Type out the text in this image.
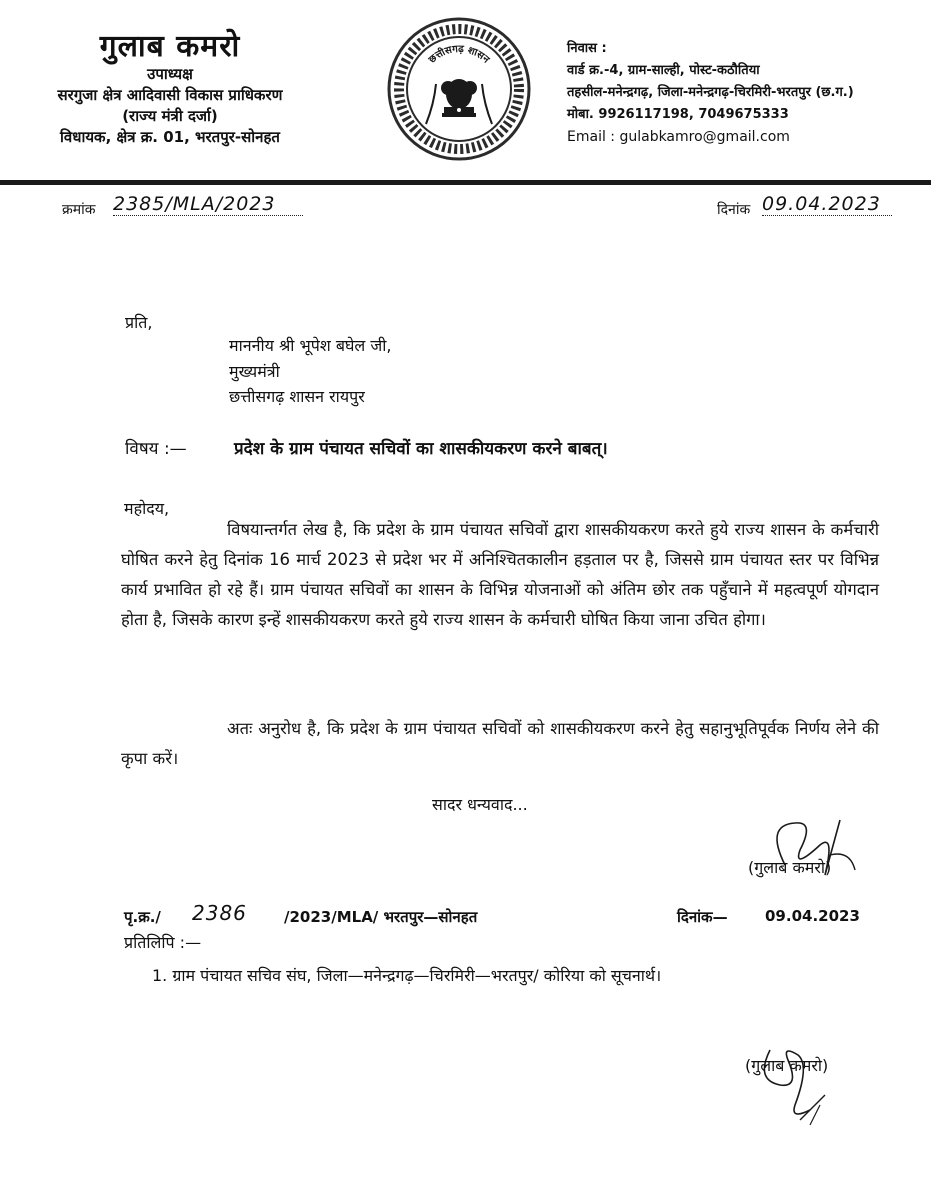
गुलाब कमरो
उपाध्यक्ष
सरगुजा क्षेत्र आदिवासी विकास प्राधिकरण
(राज्य मंत्री दर्जा)
विधायक, क्षेत्र क्र. 01, भरतपुर-सोनहत
छत्तीसगढ़ शासन
निवास :
वार्ड क्र.-4, ग्राम-साल्ही, पोस्ट-कठौतिया
तहसील-मनेन्द्रगढ़, जिला-मनेन्द्रगढ़-चिरमिरी-भरतपुर (छ.ग.)
मोबा. 9926117198, 7049675333
Email : gulabkamro@gmail.com
क्रमांक 2385/MLA/2023	दिनांक 09.04.2023
प्रति,
माननीय श्री भूपेश बघेल जी,
मुख्यमंत्री
छत्तीसगढ़ शासन रायपुर
विषय :—	प्रदेश के ग्राम पंचायत सचिवों का शासकीयकरण करने बाबत्।
महोदय,
विषयान्तर्गत लेख है, कि प्रदेश के ग्राम पंचायत सचिवों द्वारा शासकीयकरण करते हुये राज्य शासन के कर्मचारी घोषित करने हेतु दिनांक 16 मार्च 2023 से प्रदेश भर में अनिश्चितकालीन हड़ताल पर है, जिससे ग्राम पंचायत स्तर पर विभिन्न कार्य प्रभावित हो रहे हैं। ग्राम पंचायत सचिवों का शासन के विभिन्न योजनाओं को अंतिम छोर तक पहुँचाने में महत्वपूर्ण योगदान होता है, जिसके कारण इन्हें शासकीयकरण करते हुये राज्य शासन के कर्मचारी घोषित किया जाना उचित होगा।
अतः अनुरोध है, कि प्रदेश के ग्राम पंचायत सचिवों को शासकीयकरण करने हेतु सहानुभूतिपूर्वक निर्णय लेने की कृपा करें।
सादर धन्यवाद...
(गुलाब कमरो)
पृ.क्र./ 2386 /2023/MLA/ भरतपुर—सोनहत	दिनांक— 09.04.2023
प्रतिलिपि :—
1. ग्राम पंचायत सचिव संघ, जिला—मनेन्द्रगढ़—चिरमिरी—भरतपुर/ कोरिया को सूचनार्थ।
(गुलाब कमरो)
